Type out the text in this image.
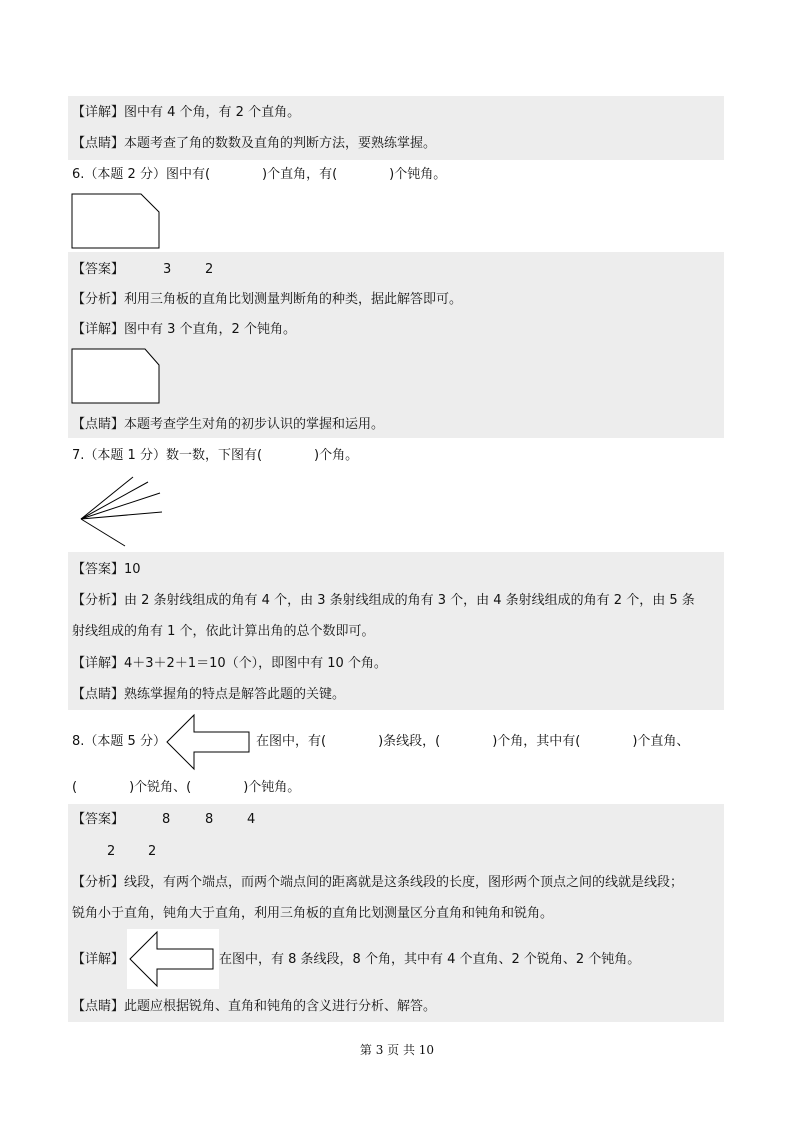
【详解】图中有 4 个角，有 2 个直角。
【点睛】本题考查了角的数数及直角的判断方法，要熟练掌握。
6.（本题 2 分）图中有(　　　　)个直角，有(　　　　)个钝角。
【答案】	3	2
【分析】利用三角板的直角比划测量判断角的种类，据此解答即可。
【详解】图中有 3 个直角，2 个钝角。
【点睛】本题考查学生对角的初步认识的掌握和运用。
7.（本题 1 分）数一数，下图有(　　　　)个角。
【答案】10
【分析】由 2 条射线组成的角有 4 个，由 3 条射线组成的角有 3 个，由 4 条射线组成的角有 2 个，由 5 条
射线组成的角有 1 个，依此计算出角的总个数即可。
【详解】4＋3＋2＋1＝10（个），即图中有 10 个角。
【点睛】熟练掌握角的特点是解答此题的关键。
8.（本题 5 分）	在图中，有(　　　　)条线段，(　　　　)个角，其中有(　　　　)个直角、
(　　　　)个锐角、(　　　　)个钝角。
【答案】	8	8	4
2	2
【分析】线段，有两个端点，而两个端点间的距离就是这条线段的长度，图形两个顶点之间的线就是线段；
锐角小于直角，钝角大于直角，利用三角板的直角比划测量区分直角和钝角和锐角。
【详解】	在图中，有 8 条线段，8 个角，其中有 4 个直角、2 个锐角、2 个钝角。
【点睛】此题应根据锐角、直角和钝角的含义进行分析、解答。
第 3 页 共 10
